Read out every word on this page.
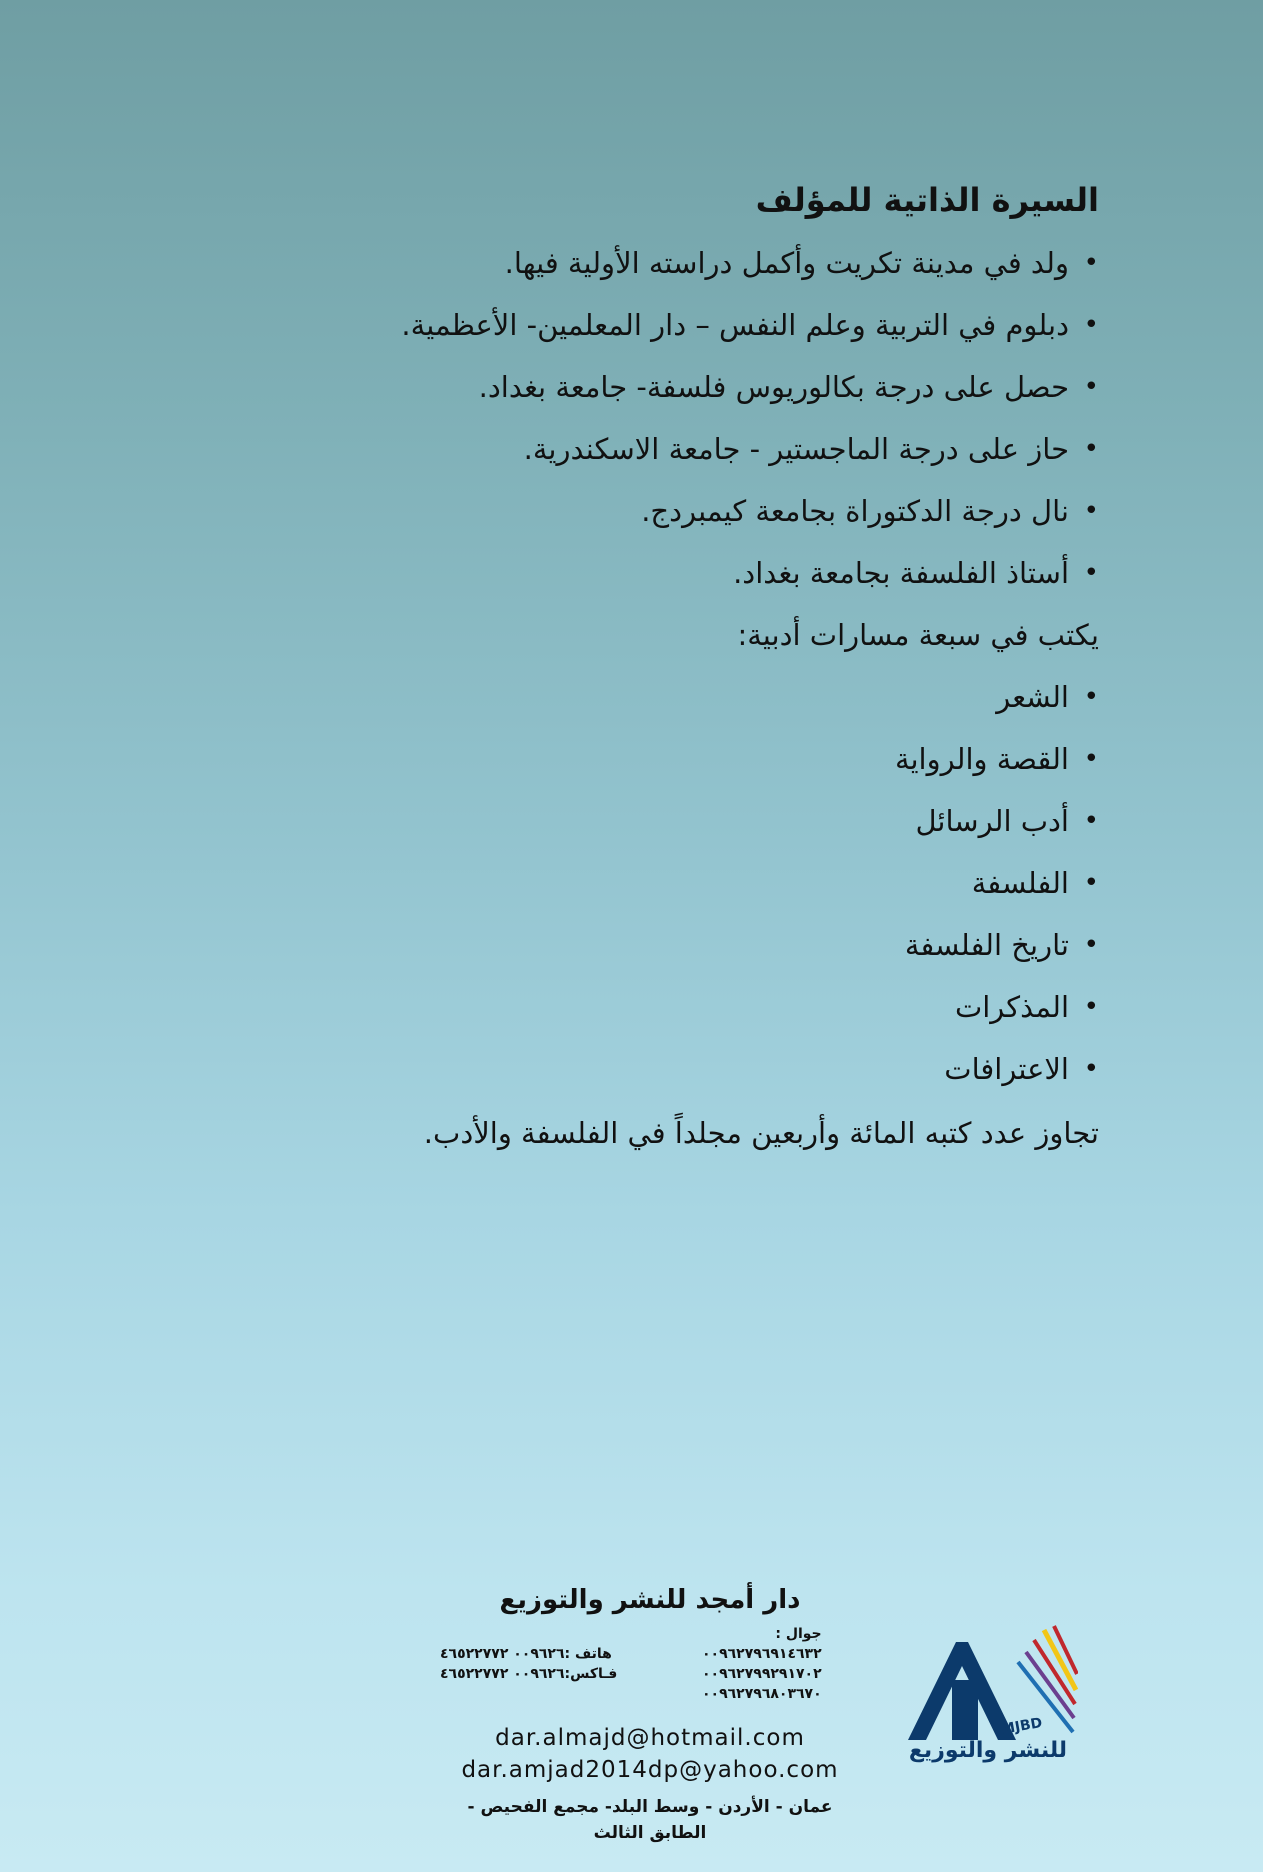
السيرة الذاتية للمؤلف
•
ولد في مدينة تكريت وأكمل دراسته الأولية فيها.
•
دبلوم في التربية وعلم النفس – دار المعلمين- الأعظمية.
•
حصل على درجة بكالوريوس فلسفة- جامعة بغداد.
•
حاز على درجة الماجستير - جامعة الاسكندرية.
•
نال درجة الدكتوراة بجامعة كيمبردج.
•
أستاذ الفلسفة بجامعة بغداد.
يكتب في سبعة مسارات أدبية:
•
الشعر
•
القصة والرواية
•
أدب الرسائل
•
الفلسفة
•
تاريخ الفلسفة
•
المذكرات
•
الاعترافات
تجاوز عدد كتبه المائة وأربعين مجلداً في الفلسفة والأدب.
دار أمجد للنشر والتوزيع
هاتف :٠٠٩٦٢٦ ٤٦٥٢٢٧٧٢
فـاكس:٠٠٩٦٢٦ ٤٦٥٢٢٧٧٢
جوال :
٠٠٩٦٢٧٩٦٩١٤٦٣٢
٠٠٩٦٢٧٩٩٢٩١٧٠٢
٠٠٩٦٢٧٩٦٨٠٣٦٧٠
dar.almajd@hotmail.com
dar.amjad2014dp@yahoo.com
عمان - الأردن - وسط البلد- مجمع الفحيص - الطابق الثالث
MJBD
للنشر والتوزيع
